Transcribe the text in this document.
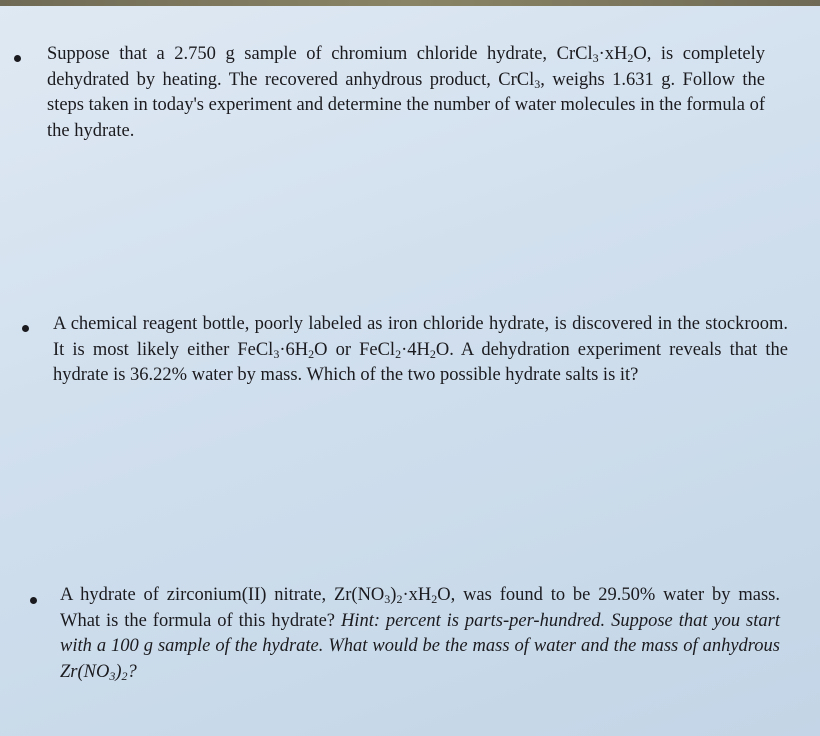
Suppose that a 2.750 g sample of chromium chloride hydrate, $CrCl_3\cdot xH_2O$, is completely dehydrated by heating. The recovered anhydrous product, CrCl$_3$, weighs 1.631 g. Follow the steps taken in today's experiment and determine the number of water molecules in the formula of the hydrate.
A chemical reagent bottle, poorly labeled as iron chloride hydrate, is discovered in the stockroom. It is most likely either $FeCl_3\cdot 6H_2O$ or $FeCl_2\cdot 4H_2O$. A dehydration experiment reveals that the hydrate is 36.22% water by mass. Which of the two possible hydrate salts is it?
A hydrate of zirconium(II) nitrate, $Zr(NO_3)_2\cdot xH_2O$, was found to be 29.50% water by mass. What is the formula of this hydrate? Hint: percent is parts-per-hundred. Suppose that you start with a 100 g sample of the hydrate. What would be the mass of water and the mass of anhydrous $Zr(NO_3)_2$?
